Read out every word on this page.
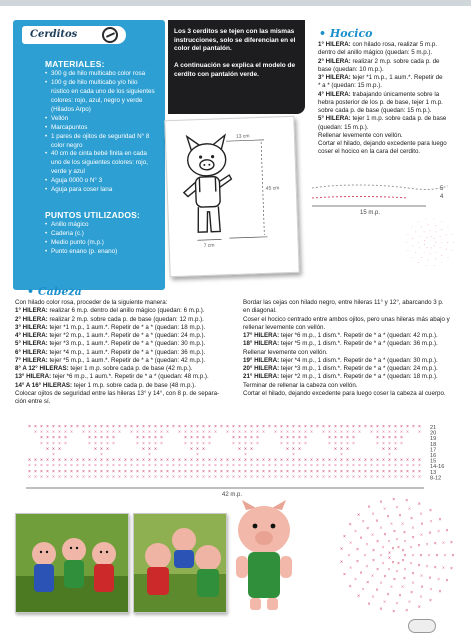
Cerditos
MATERIALES:
• 300 g de hilo multicabo color rosa
• 100 g de hilo multicabo y/o hilo
rústico en cada uno de los siguientes
colores: rojo, azul, negro y verde
(Hilados Arpo)
• Vellón
• Marcapuntos
• 1 pares de ojitos de seguridad N° 8
color negro
• 40 cm de cinta bebé finita en cada
uno de los siguientes colores: rojo,
verde y azul
• Aguja 0000 o N° 3
• Aguja para coser lana
PUNTOS UTILIZADOS:
• Anillo mágico
• Cadena (c.)
• Medio punto (m.p.)
• Punto enano (p. enano)

Los 3 cerditos se tejen con las mismas instrucciones, solo se diferencian en el color del pantalón.

A continuación se explica el modelo de cerdito con pantalón verde.

13 cm
45 cm
7 cm
• Hocico
1° HILERA: con hilado rosa, realizar 5 m.p.
dentro del anillo mágico (quedan: 5 m.p.).
2° HILERA: realizar 2 m.p. sobre cada p. de
base (quedan: 10 m.p.).
3° HILERA: tejer *1 m.p., 1 aum.*. Repetir de
* a * (quedan: 15 m.p.).
4° HILERA: trabajando únicamente sobre la
hebra posterior de los p. de base, tejer 1 m.p.
sobre cada p. de base (quedan: 15 m.p.).
5° HILERA: tejer 1 m.p. sobre cada p. de base
(quedan: 15 m.p.).
Rellenar levemente con vellón.
Cortar el hilado, dejando excedente para luego
coser el hocico en la cara del cerdito.
5
4
15 m.p.
×
×
×
×
×
×
× ×
×
×
×
×
×
×
×
×
×
×
×
×
×
×
×
×
×
×
×
×
×
×
×
×
× ×
×
×
×
×
×
×
×
×
×
×
×
×
×
×
×
× ×
×
×
×
• Cabeza
Con hilado color rosa, proceder de la siguiente manera:
1° HILERA: realizar 6 m.p. dentro del anillo mágico (quedan: 6 m.p.).
2° HILERA: realizar 2 m.p. sobre cada p. de base (quedan: 12 m.p.).
3° HILERA: tejer *1 m.p., 1 aum.*. Repetir de * a * (quedan: 18 m.p.).
4° HILERA: tejer *2 m.p., 1 aum.*. Repetir de * a * (quedan: 24 m.p.).
5° HILERA: tejer *3 m.p., 1 aum.*. Repetir de * a * (quedan: 30 m.p.).
6° HILERA: tejer *4 m.p., 1 aum.*. Repetir de * a * (quedan: 36 m.p.).
7° HILERA: tejer *5 m.p., 1 aum.*. Repetir de * a * (quedan: 42 m.p.).
8° A 12° HILERAS: tejer 1 m.p. sobre cada p. de base (42 m.p.).
13° HILERA: tejer *6 m.p., 1 aum.*. Repetir de * a * (quedan: 48 m.p.).
14° A 16° HILERAS: tejer 1 m.p. sobre cada p. de base (48 m.p.).
Colocar ojitos de seguridad entre las hileras 13° y 14°, con 8 p. de separa-
ción entre sí.
Bordar las cejas con hilado negro, entre hileras 11° y 12°, abarcando 3 p.
en diagonal.
Coser el hocico centrado entre ambos ojitos, pero unas hileras más abajo y
rellenar levemente con vellón.
17° HILERA: tejer *6 m.p., 1 dism.*. Repetir de * a * (quedan: 42 m.p.).
18° HILERA: tejer *5 m.p., 1 dism.*. Repetir de * a * (quedan: 36 m.p.).
Rellenar levemente con vellón.
19° HILERA: tejer *4 m.p., 1 dism.*. Repetir de * a * (quedan: 30 m.p.).
20° HILERA: tejer *3 m.p., 1 dism.*. Repetir de * a * (quedan: 24 m.p.).
21° HILERA: tejer *2 m.p., 1 dism.*. Repetir de * a * (quedan: 18 m.p.).
Terminar de rellenar la cabeza con vellón.
Cortar el hilado, dejando excedente para luego coser la cabeza al cuerpo.
× × × × × × × × × × × × × × × × × × × × × × × × × × × × × × × × × × × × × × × × × × × × × × × × × × × × × × × × × × × × × × × × × ×
× × × × × × × × × × × × × × × × × × × × × × × × × × × × × × × × × × × × × × × × × × × × × × × × × × × × × × × × ×
× × × × ×	× × × × ×	× × × × ×	× × × × ×	× × × × ×	× × × × ×	× × × × ×	× × × × ×
× × × × ×	× × × × ×	× × × × ×	× × × × ×	× × × × ×	× × × × ×	× × × × ×	× × × × ×
× × ×	× × ×	× × ×	× × ×	× × ×	× × ×	× × ×	× × ×
×	×	×	×	×	×	×	×
× × × × × × × × × × × × × × × × × × × × × × × × × × × × × × × × × × × × × × × × × × × × × × × × × × × × × × × × × × × × × × × × × ×
× × × × × × × × × × × × × × × × × × × × × × × × × × × × × × × × × × × × × × × × × × × × × × × × × × × × × × × × × × × × × × × × × ×
× × × × × × × × × × × × × × × × × × × × × × × × × × × × × × × × × × × × × × × × × × × × × × × × × × × × × × × × × × × × × × × × × ×
× × × × × × × × × × × × × × × × × × × × × × × × × × × × × × × × × × × × × × × × × × × × × × × × × × × × × × × × × × × × × × × × × ×
21
20
19
18
17
16
15
14-16
13
8-12
42 m.p.
×
×
×
×
×
×
× × ×
×
×
×
×
×
×
×
×
× × ×
×
×
×
×
×
×
×
×
×
×
×
×
× ×
×
×
×
×
×
×
×
×
×
×
×
×
×
×
×
× ×
×
×
×
×
×
×
×
×
×
×
×
×
×
×
×
×
×
×
× × ×
×
×
×
×
×
×
×
×
×
×
×
×
×
×
×
×
×
×
×
×
× × ×
×
×
×
×
×
×
×
×
×
×
×
×
×
×
×
×
×
×
×
×
×
×
×
× × ×
×
×
×
×
×
